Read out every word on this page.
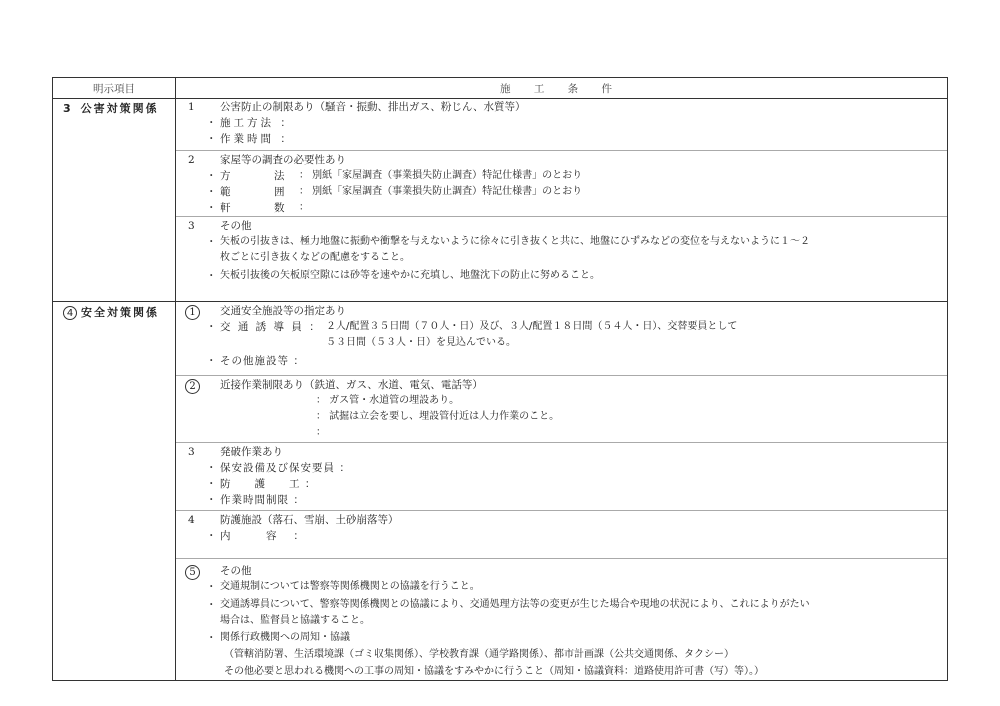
明示項目	施 工 条 件
3 公害対策関係	1 公害防止の制限あり（騒音・振動、排出ガス、粉じん、水質等）
施工方法 ：
作業時間 ：
2 家屋等の調査の必要性あり
方　　　法 ： 別紙「家屋調査（事業損失防止調査）特記仕様書」のとおり
範　　　囲 ： 別紙「家屋調査（事業損失防止調査）特記仕様書」のとおり
軒　　　数 ：
3 その他
矢板の引抜きは、極力地盤に振動や衝撃を与えないように徐々に引き抜くと共に、地盤にひずみなどの変位を与えないように１～２
枚ごとに引き抜くなどの配慮をすること。
矢板引抜後の矢板原空隙には砂等を速やかに充填し、地盤沈下の防止に努めること。
4 安全対策関係	1	交通安全施設等の指定あり
交 通 誘 導 員 ： ２人/配置３５日間（７０人・日）及び、３人/配置１８日間（５４人・日）、交替要員として
５３日間（５３人・日）を見込んでいる。
その他施設等 ：
2	近接作業制限あり（鉄道、ガス、水道、電気、電話等）
： ガス管・水道管の埋設あり。
： 試掘は立会を要し、埋設管付近は人力作業のこと。
：
3 発破作業あり
保安設備及び保安要員 ：
防　　護　　工 ：
作業時間制限 ：
4 防護施設（落石、雪崩、土砂崩落等）
内　　　容　 ：
5	その他
交通規制については警察等関係機関との協議を行うこと。
交通誘導員について、警察等関係機関との協議により、交通処理方法等の変更が生じた場合や現地の状況により、これによりがたい
場合は、監督員と協議すること。
関係行政機関への周知・協議
（管轄消防署、生活環境課（ゴミ収集関係）、学校教育課（通学路関係）、都市計画課（公共交通関係、タクシー）
その他必要と思われる機関への工事の周知・協議をすみやかに行うこと（周知・協議資料：道路使用許可書（写）等）。）
